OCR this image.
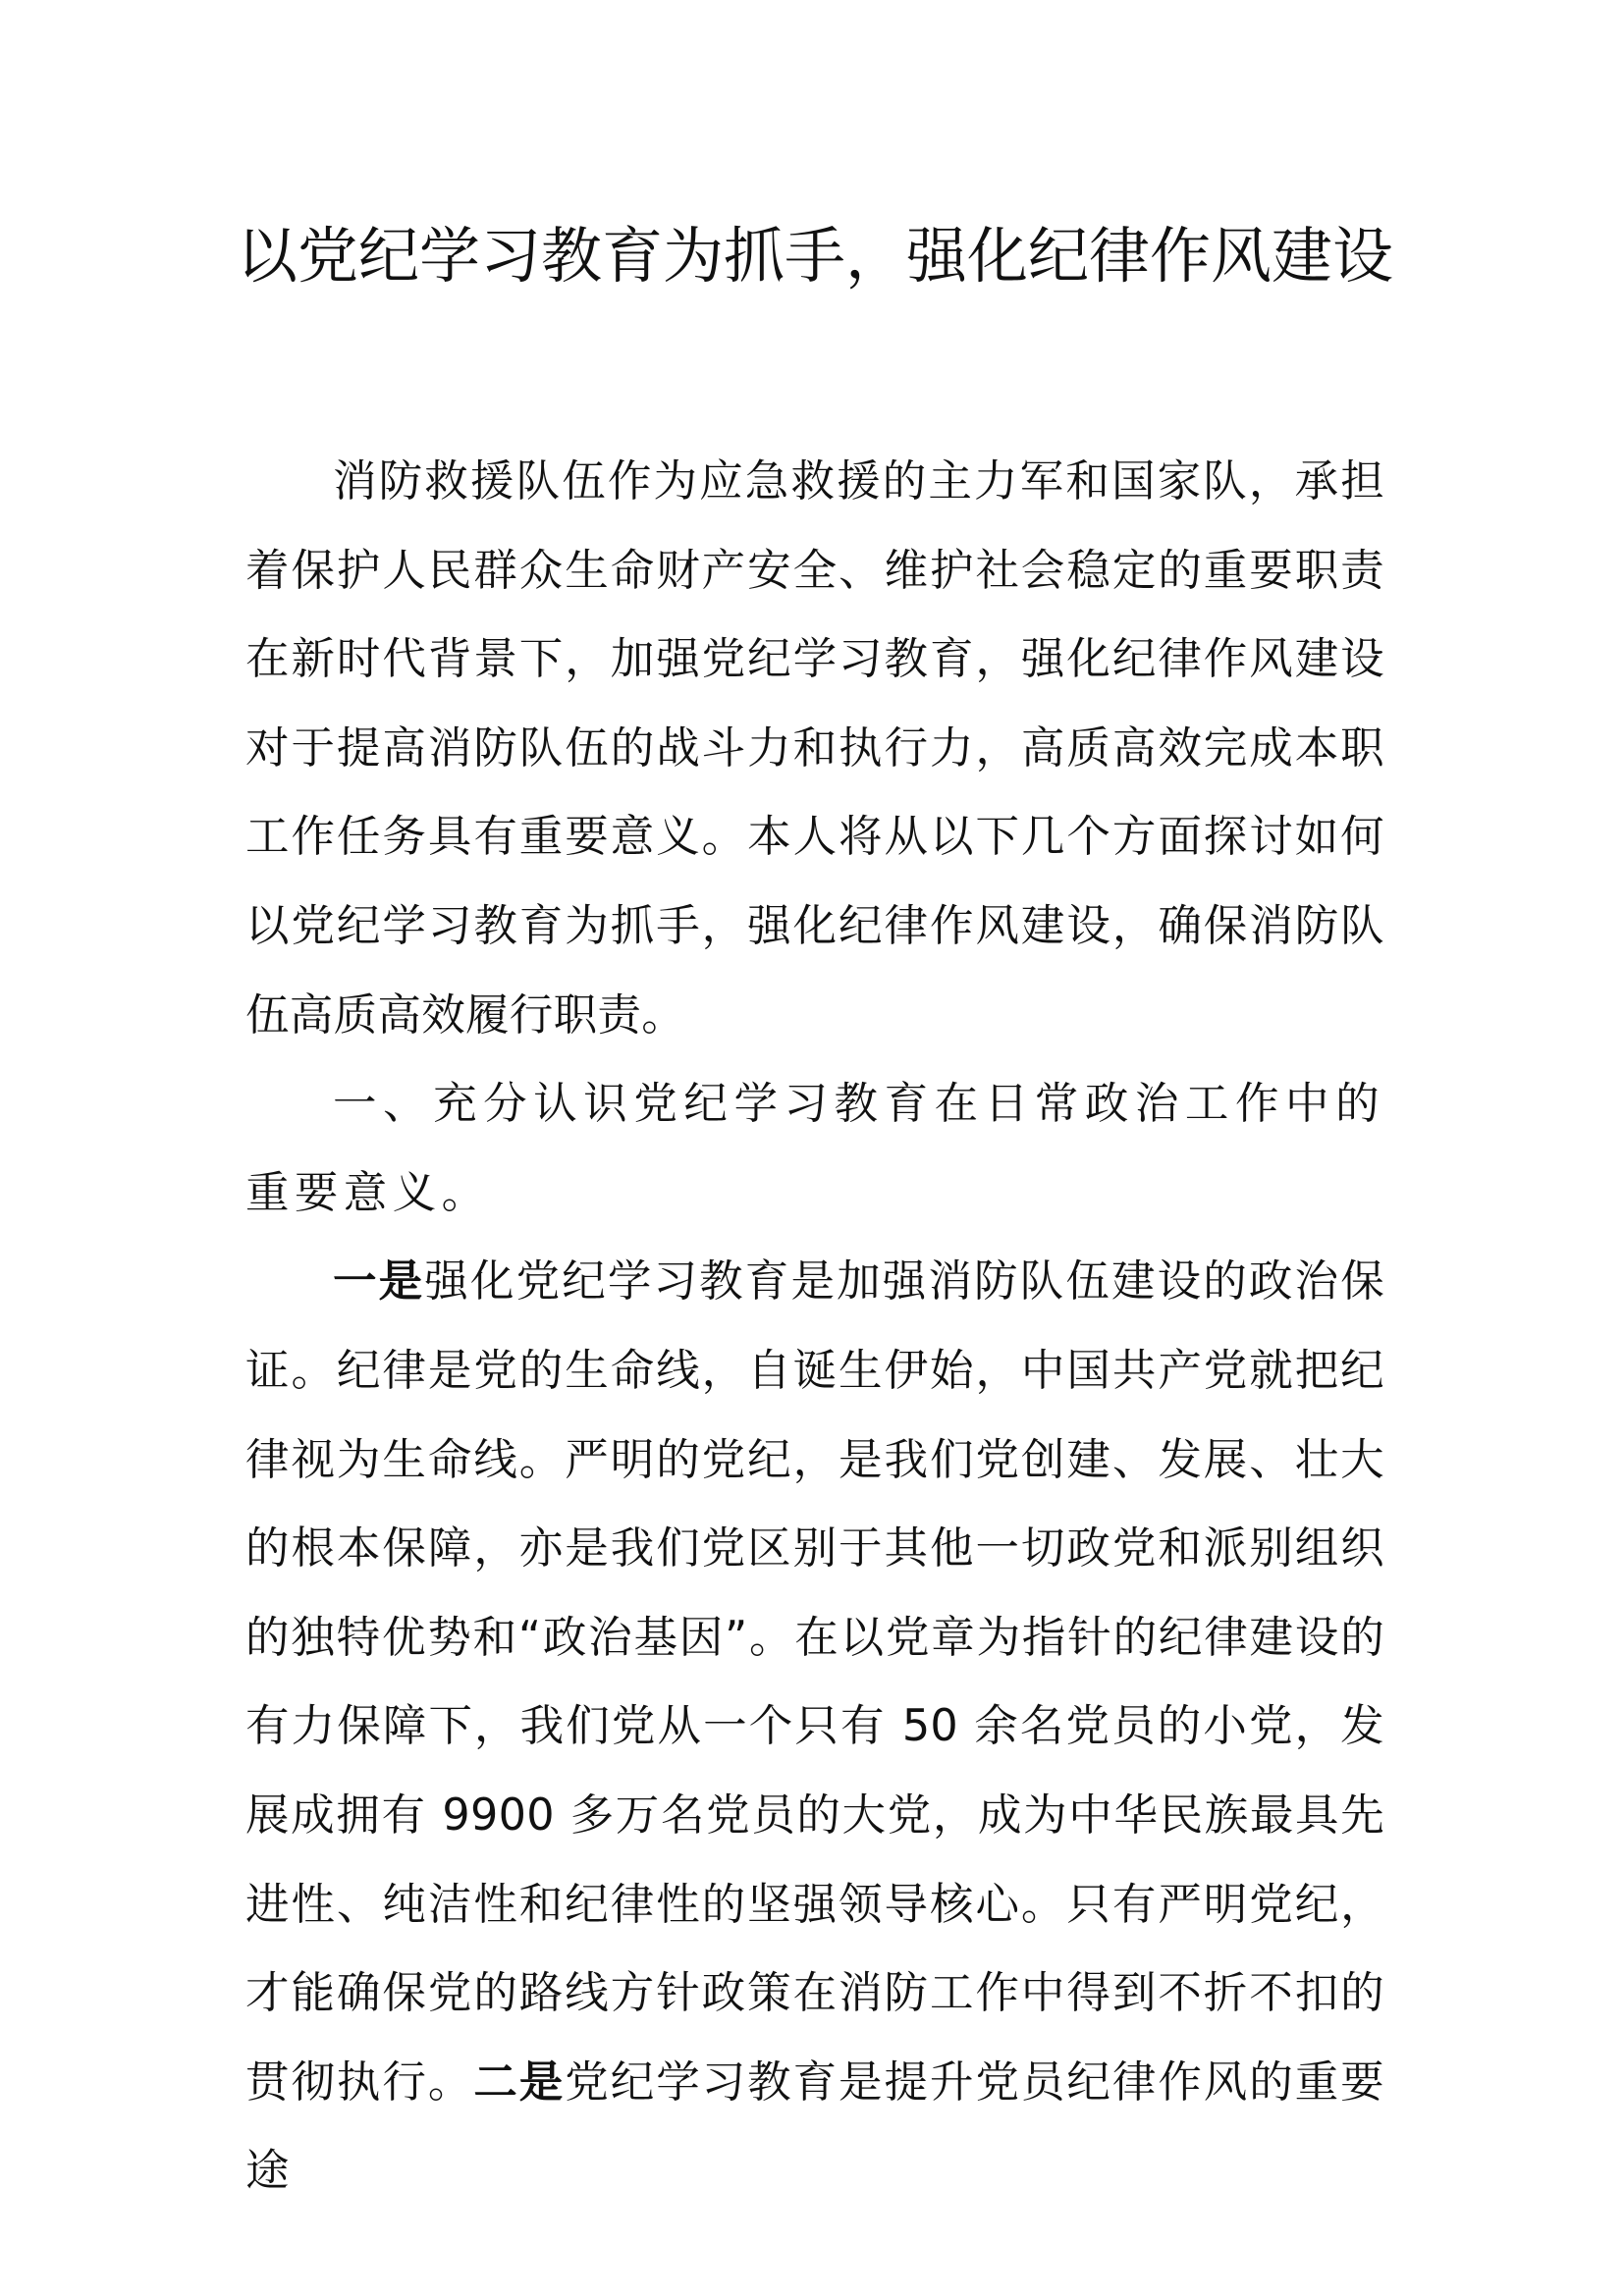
以党纪学习教育为抓手，强化纪律作风建设

消防救援队伍作为应急救援的主力军和国家队，承担着保护人民群众生命财产安全、维护社会稳定的重要职责在新时代背景下，加强党纪学习教育，强化纪律作风建设对于提高消防队伍的战斗力和执行力，高质高效完成本职工作任务具有重要意义。本人将从以下几个方面探讨如何以党纪学习教育为抓手，强化纪律作风建设，确保消防队伍高质高效履行职责。

一、充分认识党纪学习教育在日常政治工作中的重要意义。

一是强化党纪学习教育是加强消防队伍建设的政治保证。纪律是党的生命线，自诞生伊始，中国共产党就把纪律视为生命线。严明的党纪，是我们党创建、发展、壮大的根本保障，亦是我们党区别于其他一切政党和派别组织的独特优势和“政治基因”。在以党章为指针的纪律建设的有力保障下，我们党从一个只有 50 余名党员的小党，发展成拥有 9900 多万名党员的大党，成为中华民族最具先进性、纯洁性和纪律性的坚强领导核心。只有严明党纪，才能确保党的路线方针政策在消防工作中得到不折不扣的贯彻执行。二是党纪学习教育是提升党员纪律作风的重要途
